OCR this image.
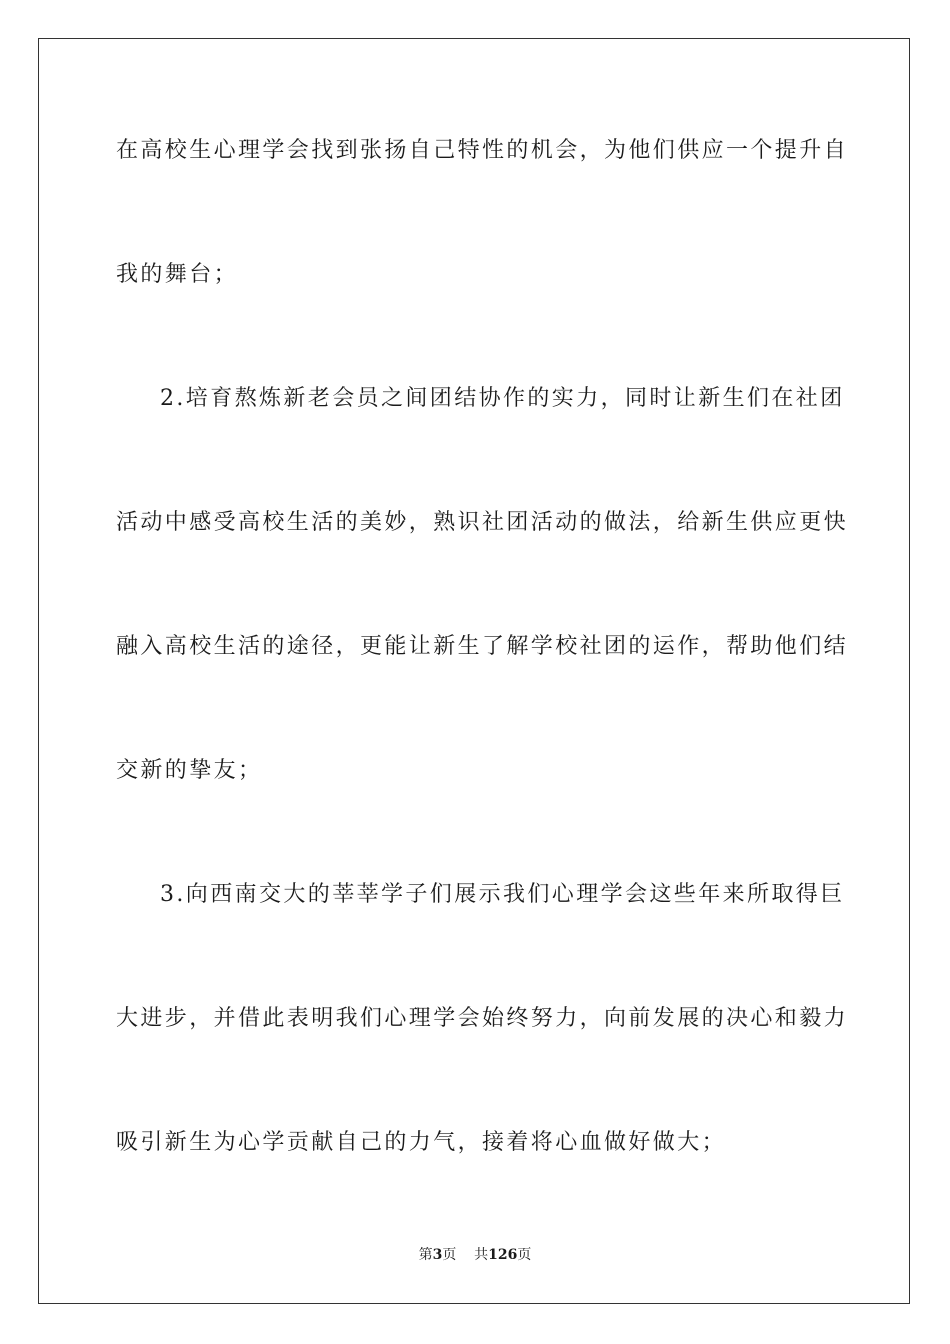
在高校生心理学会找到张扬自己特性的机会，为他们供应一个提升自
我的舞台；
2.培育熬炼新老会员之间团结协作的实力，同时让新生们在社团
活动中感受高校生活的美妙，熟识社团活动的做法，给新生供应更快
融入高校生活的途径，更能让新生了解学校社团的运作，帮助他们结
交新的挚友；
3.向西南交大的莘莘学子们展示我们心理学会这些年来所取得巨
大进步，并借此表明我们心理学会始终努力，向前发展的决心和毅力
吸引新生为心学贡献自己的力气，接着将心血做好做大；
第3页 共126页
